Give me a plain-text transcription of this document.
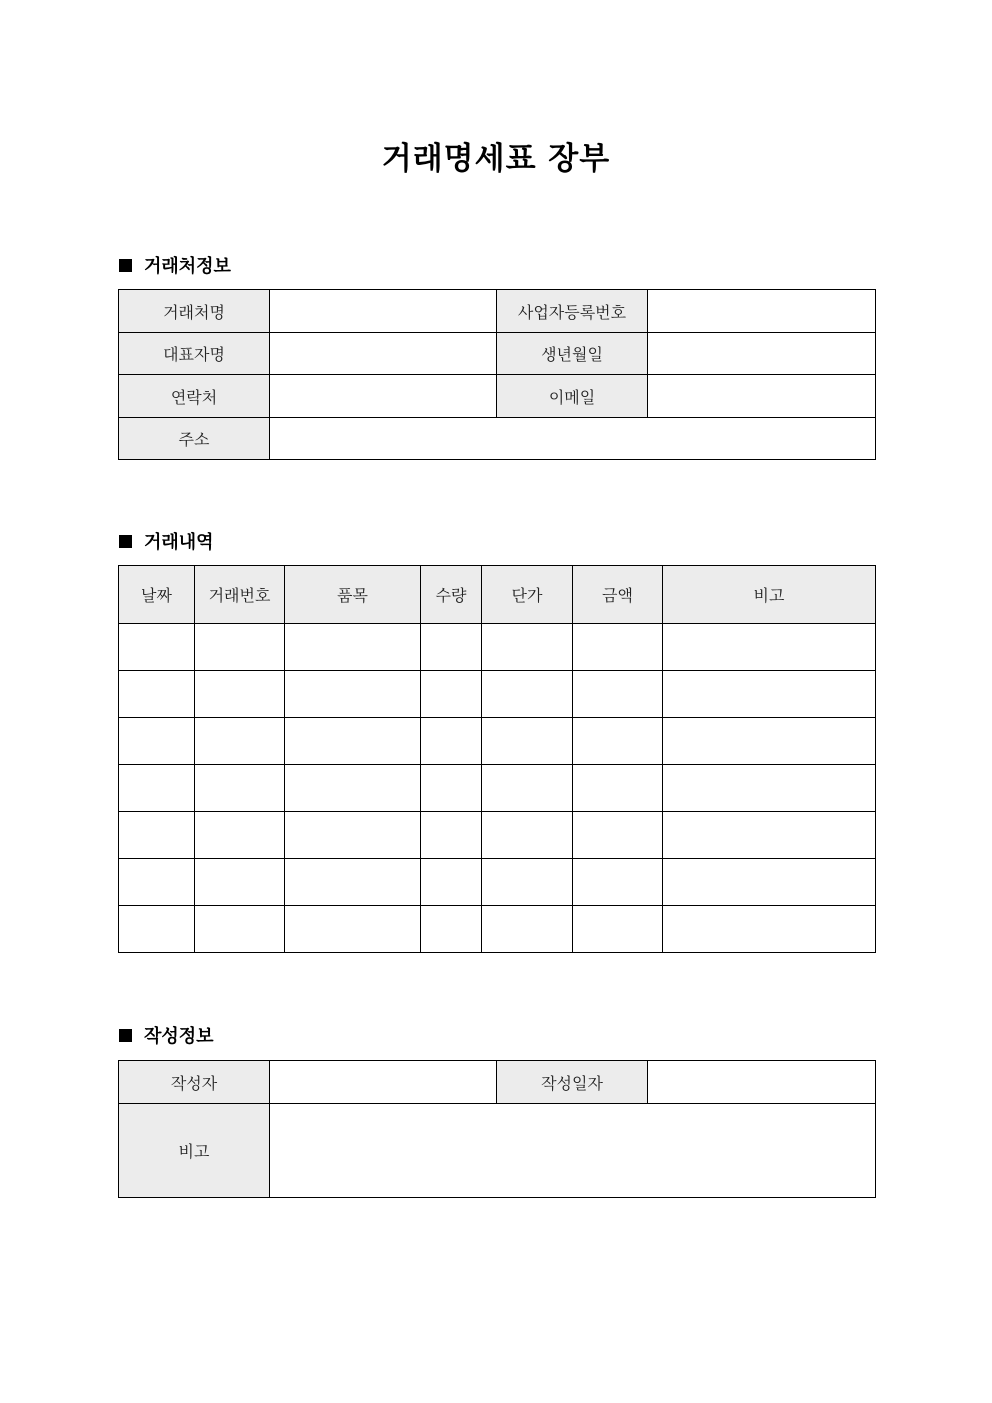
거래명세표 장부
거래처정보
거래처명		사업자등록번호	
대표자명		생년월일	
연락처		이메일	
주소			
거래내역
날짜	거래번호	품목	수량	단가	금액	비고

작성정보
작성자		작성일자	
비고			
